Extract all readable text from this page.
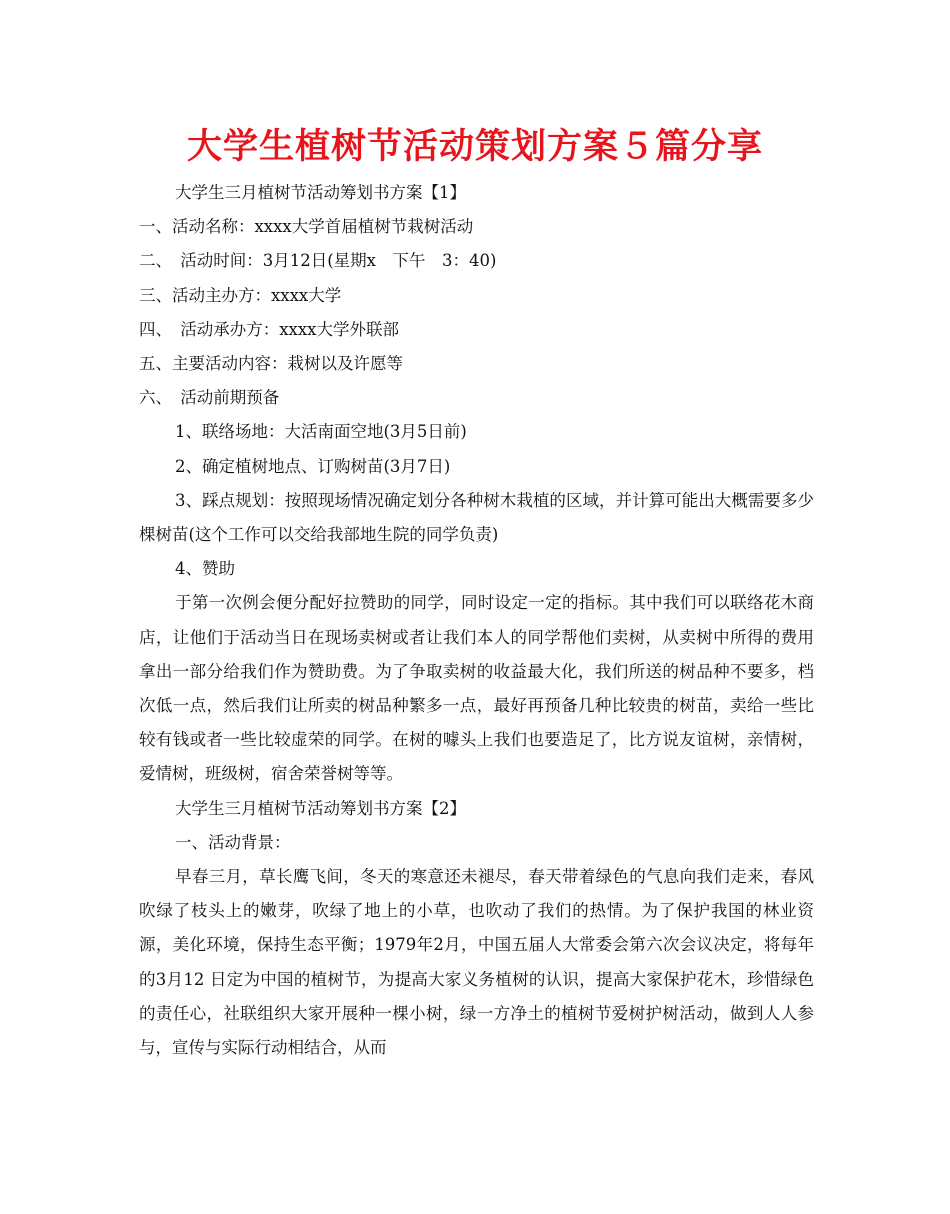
大学生植树节活动策划方案５篇分享

大学生三月植树节活动筹划书方案【1】

一、活动名称：xxxx大学首届植树节栽树活动

二、　活动时间：3月12日(星期x　下午　3：40)

三、活动主办方：xxxx大学

四、　活动承办方：xxxx大学外联部

五、主要活动内容：栽树以及许愿等

六、　活动前期预备

1、联络场地：大活南面空地(3月5日前)

2、确定植树地点、订购树苗(3月7日)

3、踩点规划：按照现场情况确定划分各种树木栽植的区域，并计算可能出大概需要多少棵树苗(这个工作可以交给我部地生院的同学负责)

4、赞助

于第一次例会便分配好拉赞助的同学，同时设定一定的指标。其中我们可以联络花木商店，让他们于活动当日在现场卖树或者让我们本人的同学帮他们卖树，从卖树中所得的费用拿出一部分给我们作为赞助费。为了争取卖树的收益最大化，我们所送的树品种不要多，档次低一点，然后我们让所卖的树品种繁多一点，最好再预备几种比较贵的树苗，卖给一些比较有钱或者一些比较虚荣的同学。在树的噱头上我们也要造足了，比方说友谊树，亲情树，爱情树，班级树，宿舍荣誉树等等。

大学生三月植树节活动筹划书方案【2】

一、活动背景：

早春三月，草长鹰飞间，冬天的寒意还未褪尽，春天带着绿色的气息向我们走来，春风吹绿了枝头上的嫩芽，吹绿了地上的小草，也吹动了我们的热情。为了保护我国的林业资源，美化环境，保持生态平衡；1979年2月，中国五届人大常委会第六次会议决定，将每年的3月12 日定为中国的植树节，为提高大家义务植树的认识，提高大家保护花木，珍惜绿色的责任心，社联组织大家开展种一棵小树，绿一方净土的植树节爱树护树活动，做到人人参与，宣传与实际行动相结合，从而
